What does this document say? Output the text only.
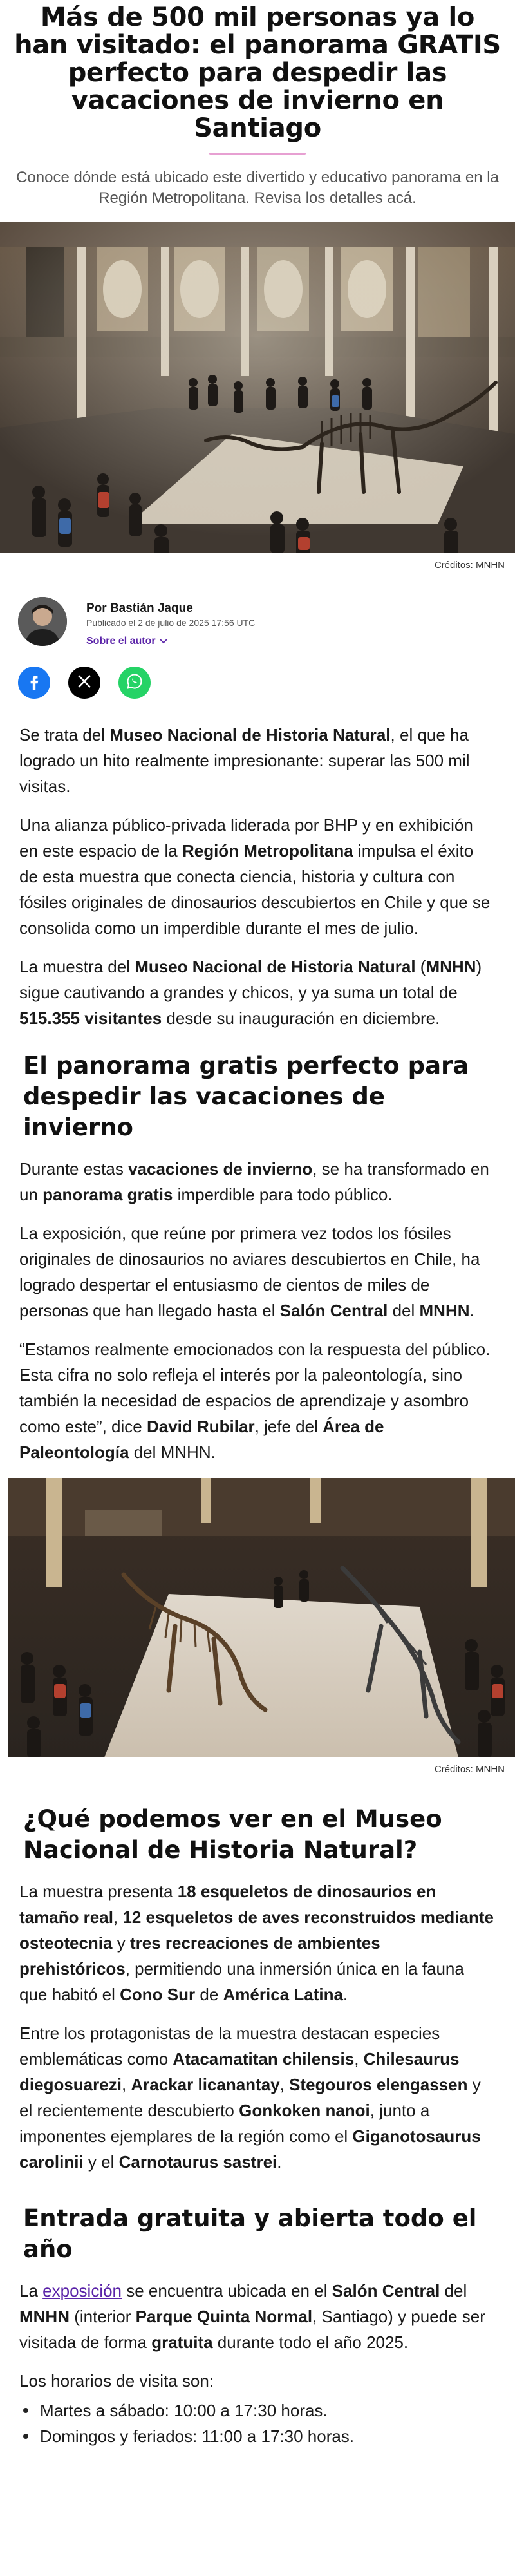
Más de 500 mil personas ya lo han visitado: el panorama GRATIS perfecto para despedir las vacaciones de invierno en Santiago
Conoce dónde está ubicado este divertido y educativo panorama en la Región Metropolitana. Revisa los detalles acá.
Créditos: MNHN
Por Bastián Jaque
Publicado el 2 de julio de 2025 17:56 UTC
Sobre el autor

Se trata del Museo Nacional de Historia Natural, el que ha logrado un hito realmente impresionante: superar las 500 mil visitas.

Una alianza público-privada liderada por BHP y en exhibición en este espacio de la Región Metropolitana impulsa el éxito de esta muestra que conecta ciencia, historia y cultura con fósiles originales de dinosaurios descubiertos en Chile y que se consolida como un imperdible durante el mes de julio.

La muestra del Museo Nacional de Historia Natural (MNHN) sigue cautivando a grandes y chicos, y ya suma un total de 515.355 visitantes desde su inauguración en diciembre.

El panorama gratis perfecto para despedir las vacaciones de invierno

Durante estas vacaciones de invierno, se ha transformado en un panorama gratis imperdible para todo público.

La exposición, que reúne por primera vez todos los fósiles originales de dinosaurios no aviares descubiertos en Chile, ha logrado despertar el entusiasmo de cientos de miles de personas que han llegado hasta el Salón Central del MNHN.

“Estamos realmente emocionados con la respuesta del público. Esta cifra no solo refleja el interés por la paleontología, sino también la necesidad de espacios de aprendizaje y asombro como este”, dice David Rubilar, jefe del Área de Paleontología del MNHN.

Créditos: MNHN
¿Qué podemos ver en el Museo Nacional de Historia Natural?

La muestra presenta 18 esqueletos de dinosaurios en tamaño real, 12 esqueletos de aves reconstruidos mediante osteotecnia y tres recreaciones de ambientes prehistóricos, permitiendo una inmersión única en la fauna que habitó el Cono Sur de América Latina.

Entre los protagonistas de la muestra destacan especies emblemáticas como Atacamatitan chilensis, Chilesaurus diegosuarezi, Arackar licanantay, Stegouros elengassen y el recientemente descubierto Gonkoken nanoi, junto a imponentes ejemplares de la región como el Giganotosaurus carolinii y el Carnotaurus sastrei.

Entrada gratuita y abierta todo el año

La exposición se encuentra ubicada en el Salón Central del MNHN (interior Parque Quinta Normal, Santiago) y puede ser visitada de forma gratuita durante todo el año 2025.

Los horarios de visita son:

Martes a sábado: 10:00 a 17:30 horas.
Domingos y feriados: 11:00 a 17:30 horas.
